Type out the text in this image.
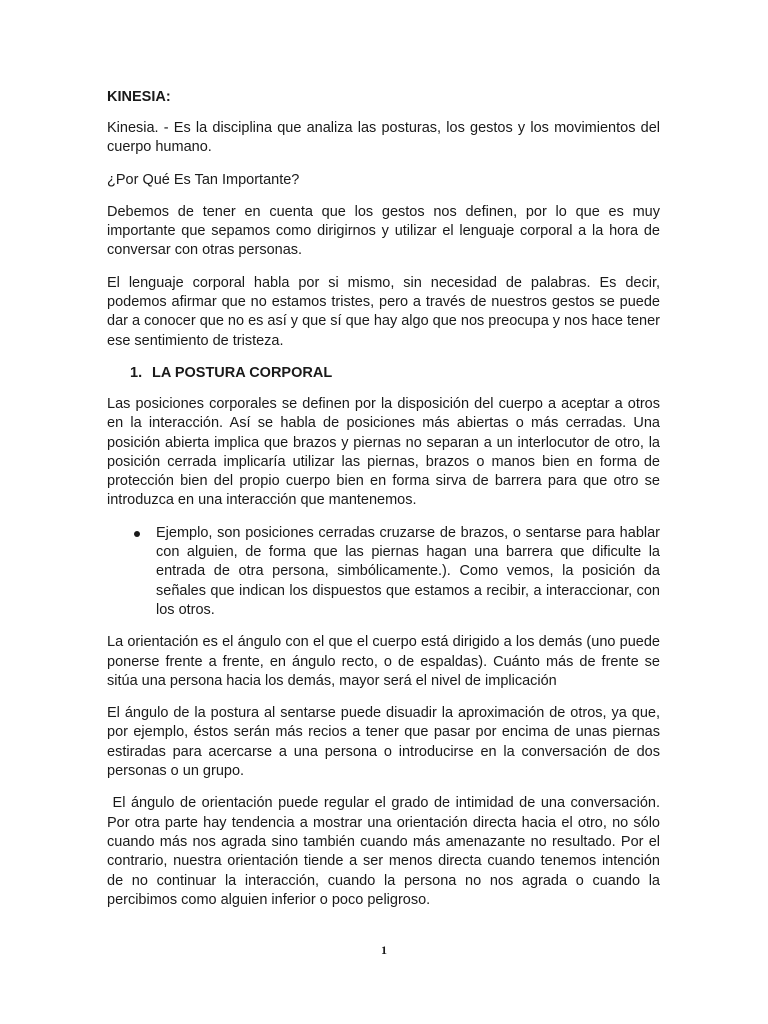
KINESIA:

Kinesia. - Es la disciplina que analiza las posturas, los gestos y los movimientos del cuerpo humano.

¿Por Qué Es Tan Importante?

Debemos de tener en cuenta que los gestos nos definen, por lo que es muy importante que sepamos como dirigirnos y utilizar el lenguaje corporal a la hora de conversar con otras personas.

El lenguaje corporal habla por si mismo, sin necesidad de palabras. Es decir, podemos afirmar que no estamos tristes, pero a través de nuestros gestos se puede dar a conocer que no es así y que sí que hay algo que nos preocupa y nos hace tener ese sentimiento de tristeza.

1. LA POSTURA CORPORAL

Las posiciones corporales se definen por la disposición del cuerpo a aceptar a otros en la interacción. Así se habla de posiciones más abiertas o más cerradas. Una posición abierta implica que brazos y piernas no separan a un interlocutor de otro, la posición cerrada implicaría utilizar las piernas, brazos o manos bien en forma de protección bien del propio cuerpo bien en forma sirva de barrera para que otro se introduzca en una interacción que mantenemos.

Ejemplo, son posiciones cerradas cruzarse de brazos, o sentarse para hablar con alguien, de forma que las piernas hagan una barrera que dificulte la entrada de otra persona, simbólicamente.). Como vemos, la posición da señales que indican los dispuestos que estamos a recibir, a interaccionar, con los otros.

La orientación es el ángulo con el que el cuerpo está dirigido a los demás (uno puede ponerse frente a frente, en ángulo recto, o de espaldas). Cuánto más de frente se sitúa una persona hacia los demás, mayor será el nivel de implicación

El ángulo de la postura al sentarse puede disuadir la aproximación de otros, ya que, por ejemplo, éstos serán más recios a tener que pasar por encima de unas piernas estiradas para acercarse a una persona o introducirse en la conversación de dos personas o un grupo.

El ángulo de orientación puede regular el grado de intimidad de una conversación. Por otra parte hay tendencia a mostrar una orientación directa hacia el otro, no sólo cuando más nos agrada sino también cuando más amenazante no resultado. Por el contrario, nuestra orientación tiende a ser menos directa cuando tenemos intención de no continuar la interacción, cuando la persona no nos agrada o cuando la percibimos como alguien inferior o poco peligroso.

1
